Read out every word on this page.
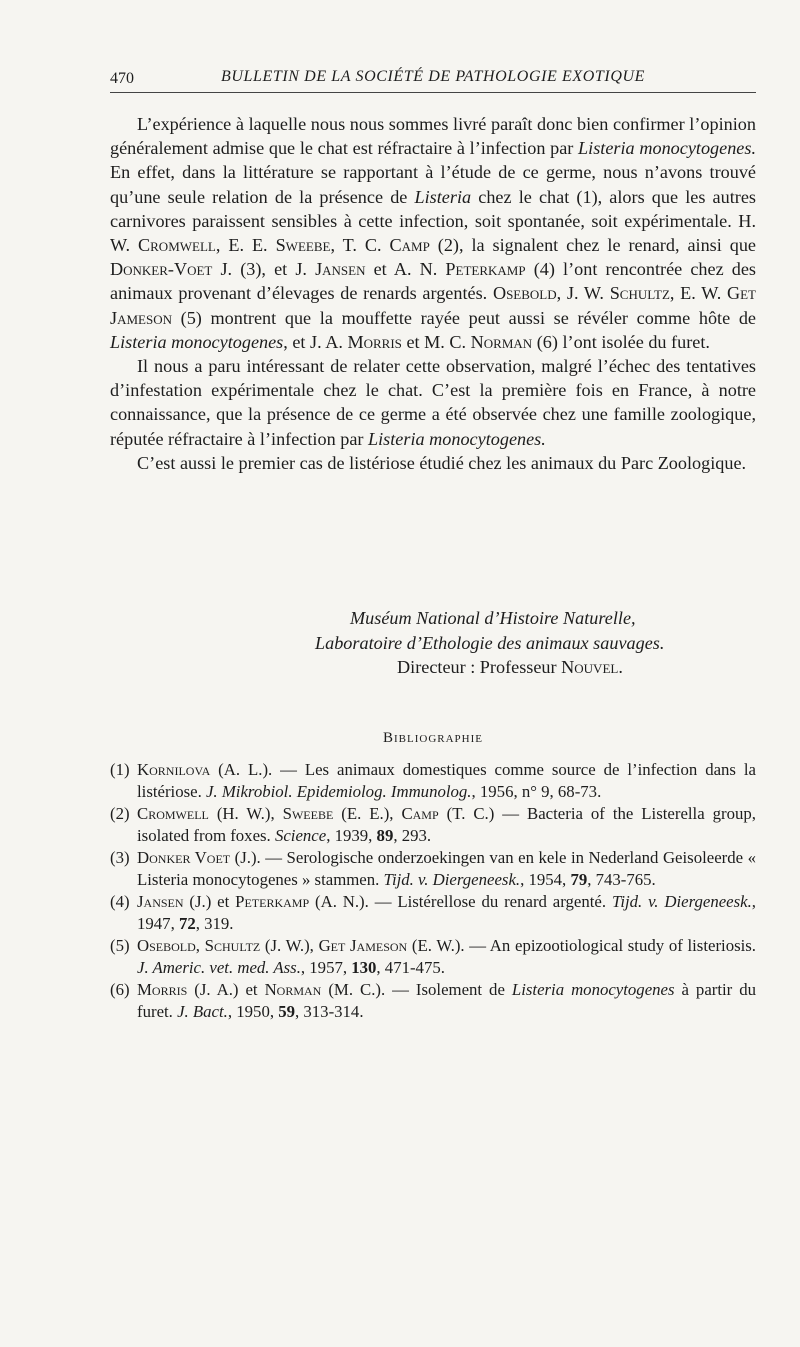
470	BULLETIN DE LA SOCIÉTÉ DE PATHOLOGIE EXOTIQUE

L’expérience à laquelle nous nous sommes livré paraît donc bien confirmer l’opinion généralement admise que le chat est réfractaire à l’infection par Listeria monocytogenes. En effet, dans la littérature se rapportant à l’étude de ce germe, nous n’avons trouvé qu’une seule relation de la présence de Listeria chez le chat (1), alors que les autres carnivores paraissent sensibles à cette infection, soit spontanée, soit expérimentale. H. W. Cromwell, E. E. Sweebe, T. C. Camp (2), la signalent chez le renard, ainsi que Donker-Voet J. (3), et J. Jansen et A. N. Peterkamp (4) l’ont rencontrée chez des animaux provenant d’élevages de renards argentés. Osebold, J. W. Schultz, E. W. Get Jameson (5) montrent que la mouffette rayée peut aussi se révéler comme hôte de Listeria monocytogenes, et J. A. Morris et M. C. Norman (6) l’ont isolée du furet.

Il nous a paru intéressant de relater cette observation, malgré l’échec des tentatives d’infestation expérimentale chez le chat. C’est la première fois en France, à notre connaissance, que la présence de ce germe a été observée chez une famille zoologique, réputée réfractaire à l’infection par Listeria monocytogenes.

C’est aussi le premier cas de listériose étudié chez les animaux du Parc Zoologique.

Muséum National d’Histoire Naturelle,
Laboratoire d’Ethologie des animaux sauvages.
Directeur : Professeur Nouvel.
Bibliographie
(1) Kornilova (A. L.). — Les animaux domestiques comme source de l’infection dans la listériose. J. Mikrobiol. Epidemiolog. Immunolog., 1956, n° 9, 68-73.
(2) Cromwell (H. W.), Sweebe (E. E.), Camp (T. C.) — Bacteria of the Listerella group, isolated from foxes. Science, 1939, 89, 293.
(3) Donker Voet (J.). — Serologische onderzoekingen van en kele in Nederland Geisoleerde « Listeria monocytogenes » stammen. Tijd. v. Diergeneesk., 1954, 79, 743-765.
(4) Jansen (J.) et Peterkamp (A. N.). — Listérellose du renard argenté. Tijd. v. Diergeneesk., 1947, 72, 319.
(5) Osebold, Schultz (J. W.), Get Jameson (E. W.). — An epizootiological study of listeriosis. J. Americ. vet. med. Ass., 1957, 130, 471-475.
(6) Morris (J. A.) et Norman (M. C.). — Isolement de Listeria monocytogenes à partir du furet. J. Bact., 1950, 59, 313-314.
